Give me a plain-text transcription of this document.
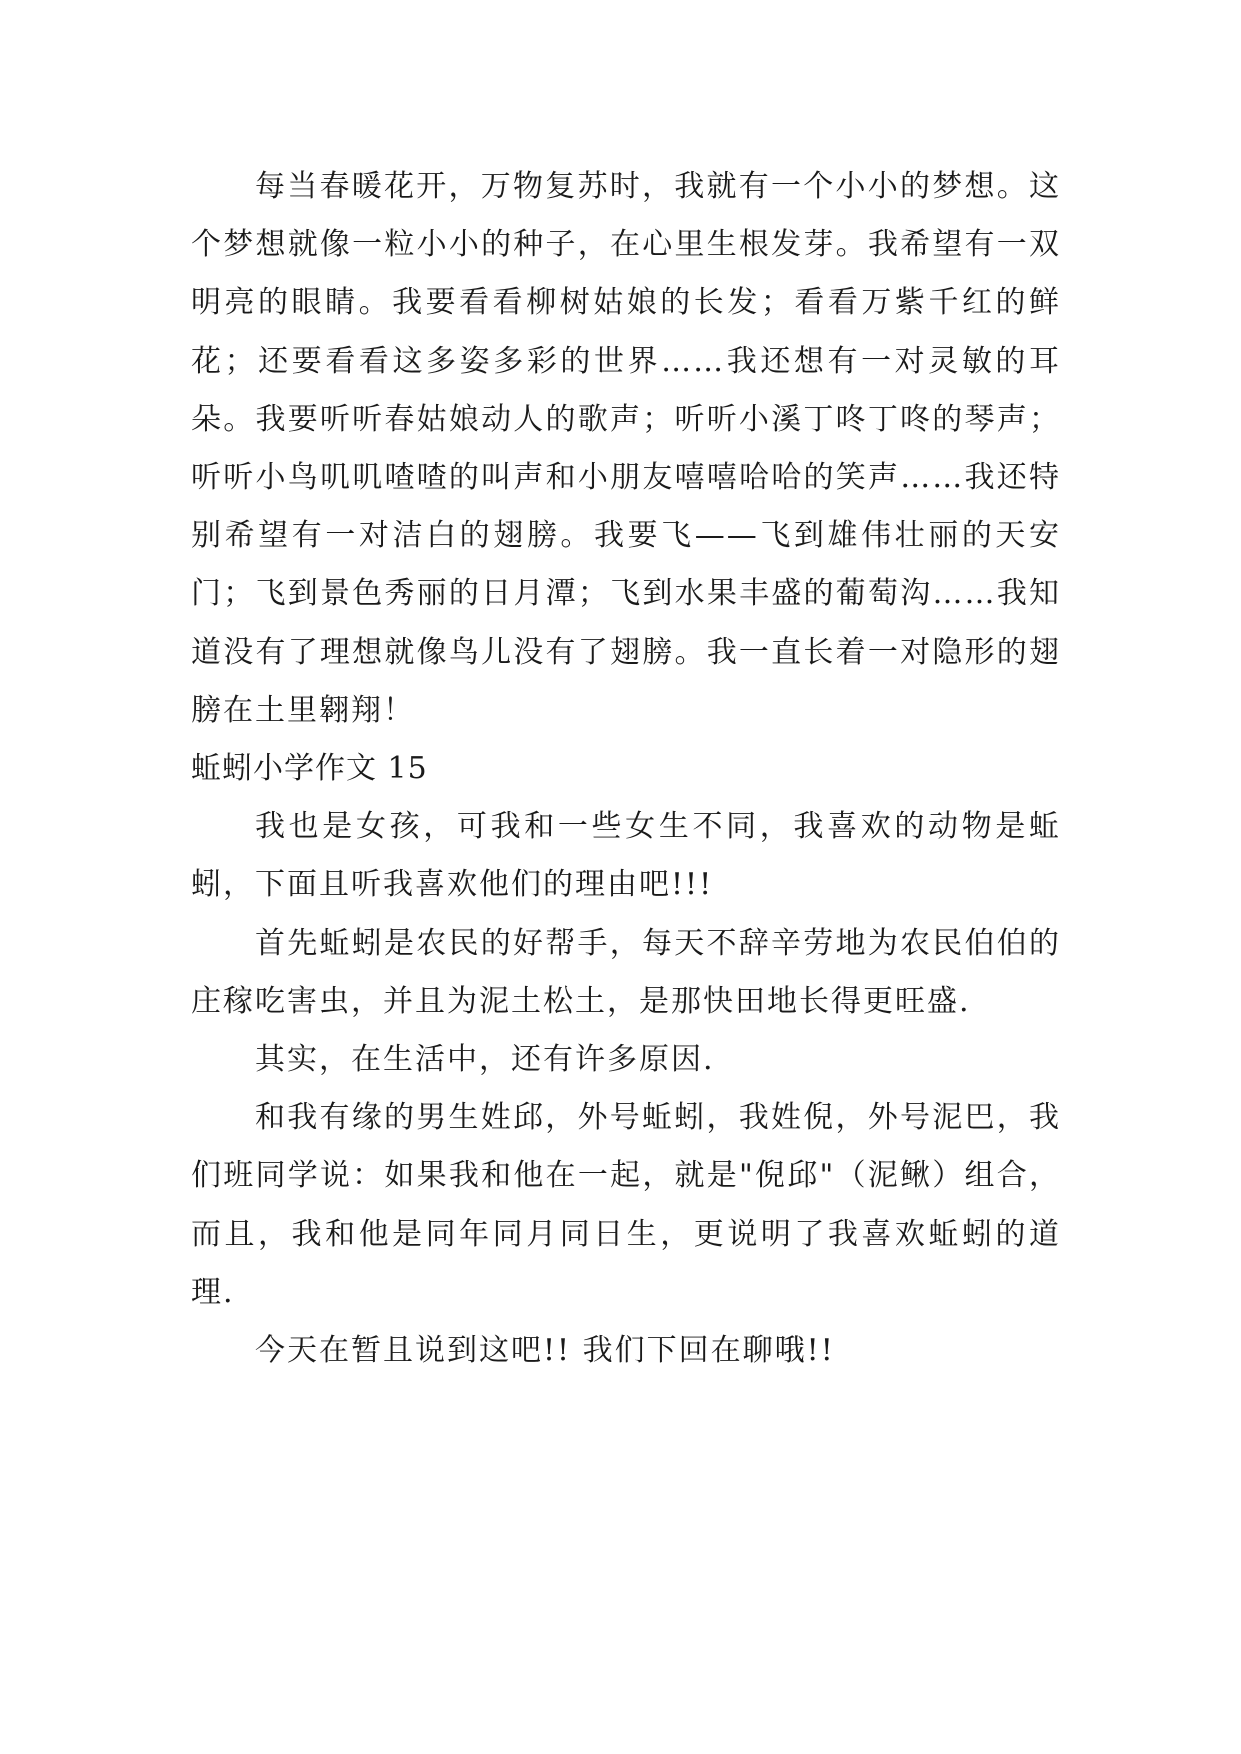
每当春暖花开，万物复苏时，我就有一个小小的梦想。这个梦想就像一粒小小的种子，在心里生根发芽。我希望有一双明亮的眼睛。我要看看柳树姑娘的长发；看看万紫千红的鲜花；还要看看这多姿多彩的世界……我还想有一对灵敏的耳朵。我要听听春姑娘动人的歌声；听听小溪丁咚丁咚的琴声；听听小鸟叽叽喳喳的叫声和小朋友嘻嘻哈哈的笑声……我还特别希望有一对洁白的翅膀。我要飞——飞到雄伟壮丽的天安门；飞到景色秀丽的日月潭；飞到水果丰盛的葡萄沟……我知道没有了理想就像鸟儿没有了翅膀。我一直长着一对隐形的翅膀在土里翱翔！

蚯蚓小学作文 15

我也是女孩，可我和一些女生不同，我喜欢的动物是蚯蚓，下面且听我喜欢他们的理由吧!!!

首先蚯蚓是农民的好帮手，每天不辞辛劳地为农民伯伯的庄稼吃害虫，并且为泥土松土，是那快田地长得更旺盛.

其实，在生活中，还有许多原因.

和我有缘的男生姓邱，外号蚯蚓，我姓倪，外号泥巴，我们班同学说：如果我和他在一起，就是"倪邱"（泥鳅）组合，而且，我和他是同年同月同日生，更说明了我喜欢蚯蚓的道理.

今天在暂且说到这吧!! 我们下回在聊哦!!
